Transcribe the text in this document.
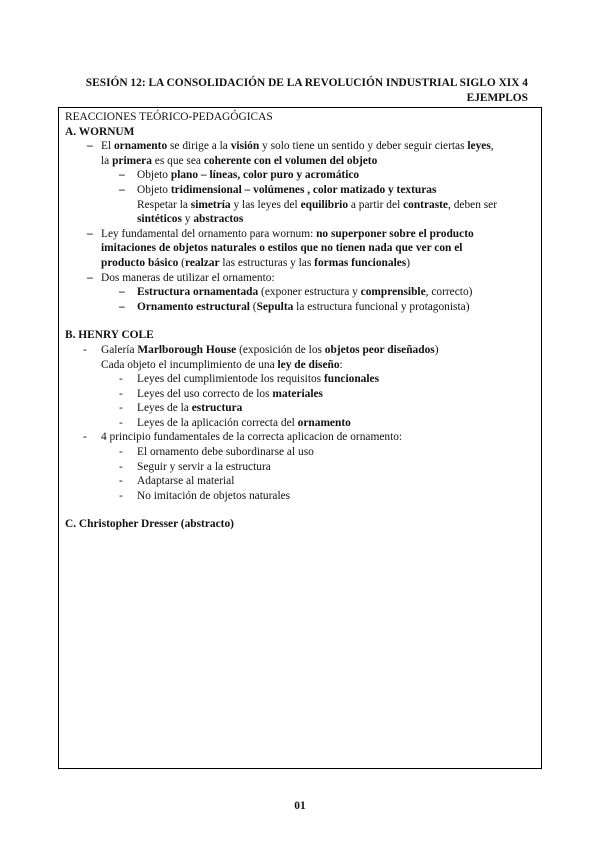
SESIÓN 12: LA CONSOLIDACIÓN DE LA REVOLUCIÓN INDUSTRIAL SIGLO XIX 4
EJEMPLOS
REACCIONES TEÓRICO-PEDAGÓGICAS
A. WORNUM
– El ornamento se dirige a la visión y solo tiene un sentido y deber seguir ciertas leyes,
la primera es que sea coherente con el volumen del objeto
– Objeto plano – líneas, color puro y acromático
– Objeto tridimensional – volúmenes , color matizado y texturas
Respetar la simetría y las leyes del equilibrio a partir del contraste, deben ser
sintéticos y abstractos
– Ley fundamental del ornamento para wornum: no superponer sobre el producto
imitaciones de objetos naturales o estilos que no tienen nada que ver con el
producto básico (realzar las estructuras y las formas funcionales)
– Dos maneras de utilizar el ornamento:
– Estructura ornamentada (exponer estructura y comprensible, correcto)
– Ornamento estructural (Sepulta la estructura funcional y protagonista)
B. HENRY COLE
- Galería Marlborough House (exposición de los objetos peor diseñados)
Cada objeto el incumplimiento de una ley de diseño:
- Leyes del cumplimientode los requisitos funcionales
- Leyes del uso correcto de los materiales
- Leyes de la estructura
- Leyes de la aplicación correcta del ornamento
- 4 principio fundamentales de la correcta aplicacion de ornamento:
- El ornamento debe subordinarse al uso
- Seguir y servir a la estructura
- Adaptarse al material
- No imitación de objetos naturales
C. Christopher Dresser (abstracto)
01
